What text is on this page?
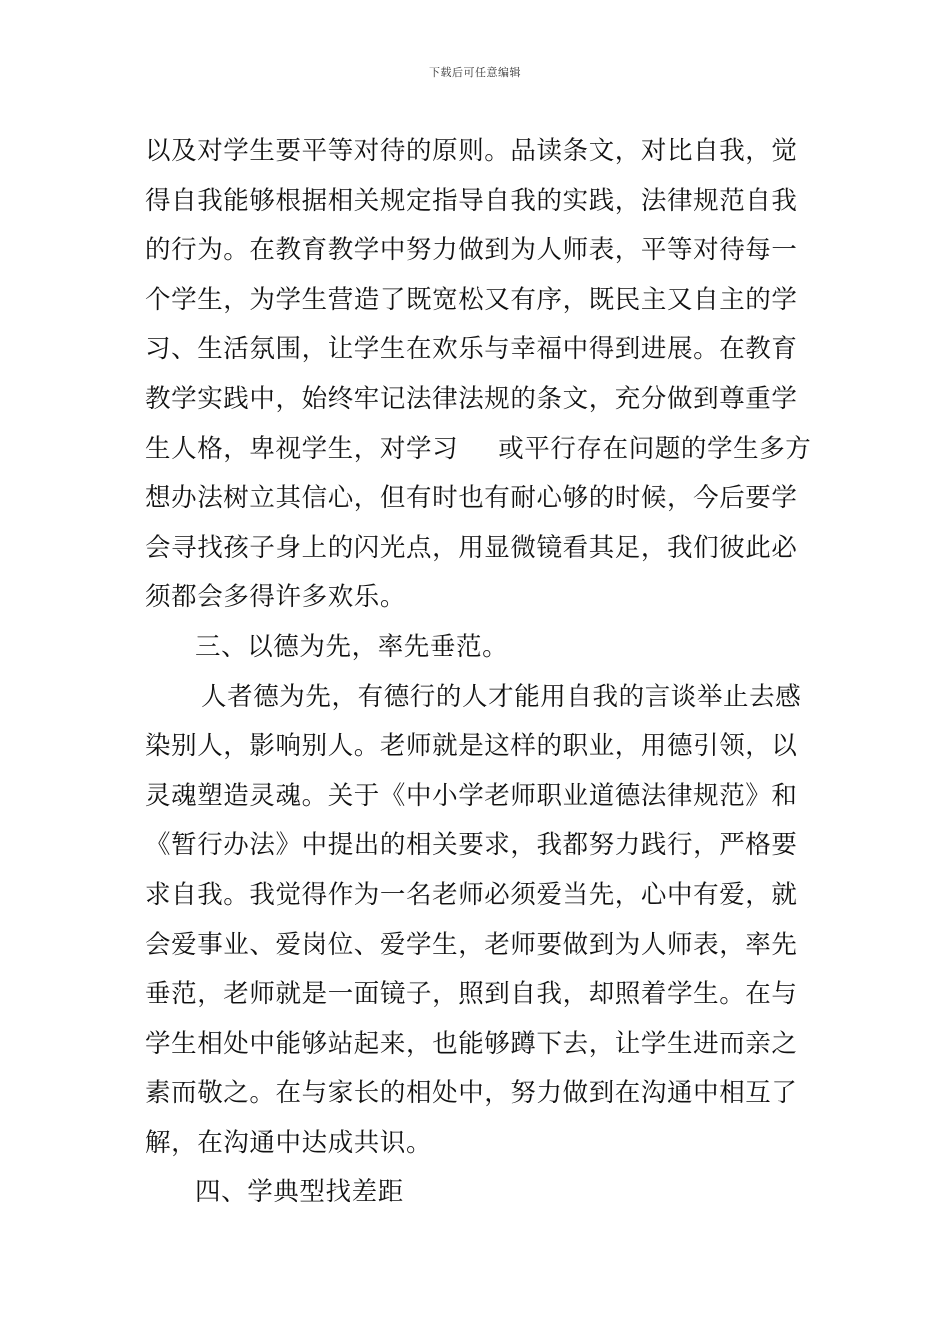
下载后可任意编辑
以及对学生要平等对待的原则。品读条文，对比自我，觉
得自我能够根据相关规定指导自我的实践，法律规范自我
的行为。在教育教学中努力做到为人师表，平等对待每一
个学生，为学生营造了既宽松又有序，既民主又自主的学
习、生活氛围，让学生在欢乐与幸福中得到进展。在教育
教学实践中，始终牢记法律法规的条文，充分做到尊重学
生人格，卑视学生，对学习 或平行存在问题的学生多方
想办法树立其信心，但有时也有耐心够的时候，今后要学
会寻找孩子身上的闪光点，用显微镜看其足，我们彼此必
须都会多得许多欢乐。
三、以德为先，率先垂范。
人者德为先，有德行的人才能用自我的言谈举止去感
染别人，影响别人。老师就是这样的职业，用德引领，以
灵魂塑造灵魂。关于《中小学老师职业道德法律规范》和
《暂行办法》中提出的相关要求，我都努力践行，严格要
求自我。我觉得作为一名老师必须爱当先，心中有爱，就
会爱事业、爱岗位、爱学生，老师要做到为人师表，率先
垂范，老师就是一面镜子，照到自我，却照着学生。在与
学生相处中能够站起来，也能够蹲下去，让学生进而亲之
素而敬之。在与家长的相处中，努力做到在沟通中相互了
解，在沟通中达成共识。
四、学典型找差距
